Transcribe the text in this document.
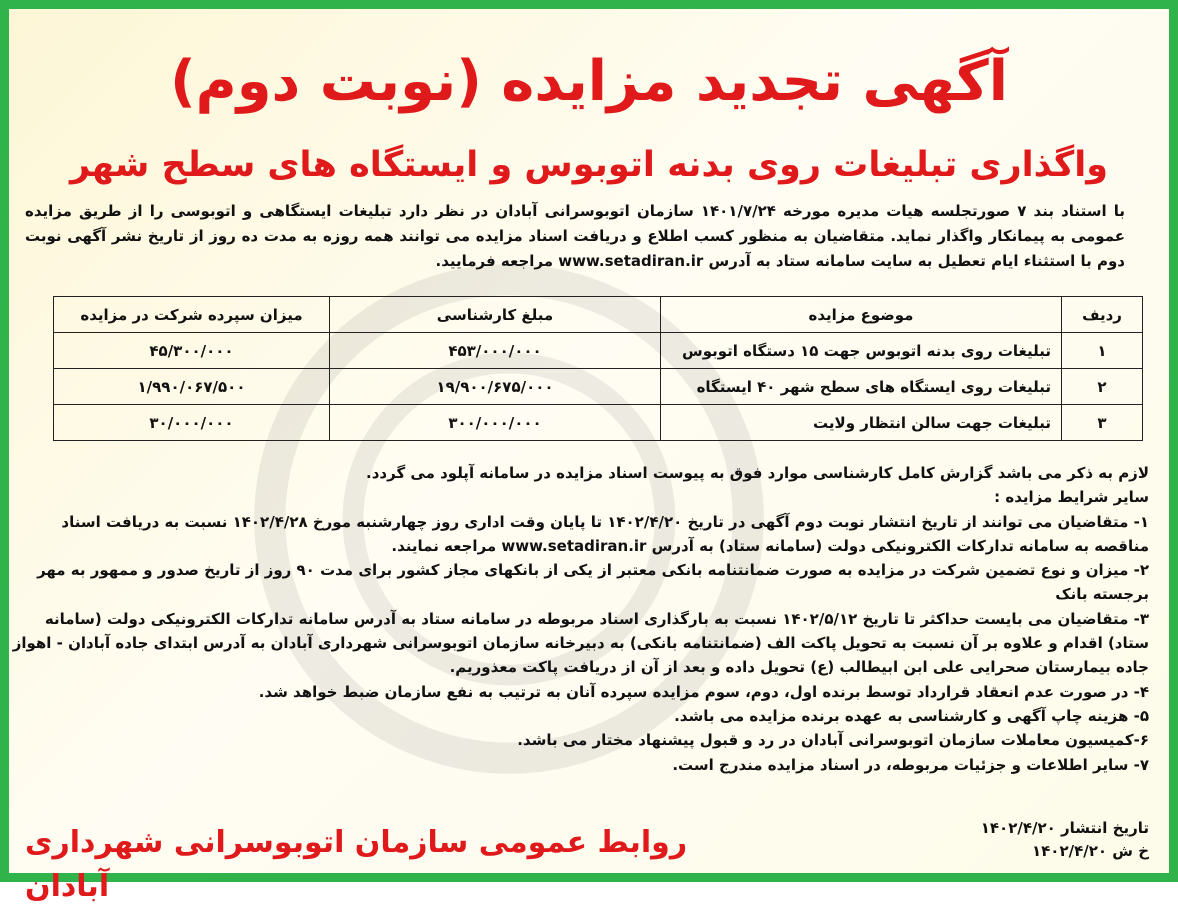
آگهی تجدید مزایده (نوبت دوم)
واگذاری تبلیغات روی بدنه اتوبوس و ایستگاه های سطح شهر
با استناد بند ۷ صورتجلسه هیات مدیره مورخه ۱۴۰۱/۷/۲۴ سازمان اتوبوسرانی آبادان در نظر دارد تبلیغات ایستگاهی و اتوبوسی را از طریق مزایده عمومی به پیمانکار واگذار نماید. متقاضیان به منظور کسب اطلاع و دریافت اسناد مزایده می توانند همه روزه به مدت ده روز از تاریخ نشر آگهی نوبت دوم با استثناء ایام تعطیل به سایت سامانه ستاد به آدرس www.setadiran.ir مراجعه فرمایید.
ردیف	موضوع مزایده	مبلغ کارشناسی	میزان سپرده شرکت در مزایده
۱	تبلیغات روی بدنه اتوبوس جهت ۱۵ دستگاه اتوبوس	۴۵۳/۰۰۰/۰۰۰	۴۵/۳۰۰/۰۰۰
۲	تبلیغات روی ایستگاه های سطح شهر ۴۰ ایستگاه	۱۹/۹۰۰/۶۷۵/۰۰۰	۱/۹۹۰/۰۶۷/۵۰۰
۳	تبلیغات جهت سالن انتظار ولایت	۳۰۰/۰۰۰/۰۰۰	۳۰/۰۰۰/۰۰۰

لازم به ذکر می باشد گزارش کامل کارشناسی موارد فوق به پیوست اسناد مزایده در سامانه آپلود می گردد.

سایر شرایط مزایده :

۱- متقاضیان می توانند از تاریخ انتشار نوبت دوم آگهی در تاریخ ۱۴۰۲/۴/۲۰ تا پایان وقت اداری روز چهارشنبه مورخ ۱۴۰۲/۴/۲۸ نسبت به دریافت اسناد مناقصه به سامانه تدارکات الکترونیکی دولت (سامانه ستاد) به آدرس www.setadiran.ir مراجعه نمایند.

۲- میزان و نوع تضمین شرکت در مزایده به صورت ضمانتنامه بانکی معتبر از یکی از بانکهای مجاز کشور برای مدت ۹۰ روز از تاریخ صدور و ممهور به مهر برجسته بانک

۳- متقاضیان می بایست حداکثر تا تاریخ ۱۴۰۲/۵/۱۲ نسبت به بارگذاری اسناد مربوطه در سامانه ستاد به آدرس سامانه تدارکات الکترونیکی دولت (سامانه ستاد) اقدام و علاوه بر آن نسبت به تحویل پاکت الف (ضمانتنامه بانکی) به دبیرخانه سازمان اتوبوسرانی شهرداری آبادان به آدرس ابتدای جاده آبادان - اهواز جاده بیمارستان صحرایی علی ابن ابیطالب (ع) تحویل داده و بعد از آن از دریافت پاکت معذوریم.

۴- در صورت عدم انعقاد قرارداد توسط برنده اول، دوم، سوم مزایده سپرده آنان به ترتیب به نفع سازمان ضبط خواهد شد.

۵- هزینه چاپ آگهی و کارشناسی به عهده برنده مزایده می باشد.

۶-کمیسیون معاملات سازمان اتوبوسرانی آبادان در رد و قبول پیشنهاد مختار می باشد.

۷- سایر اطلاعات و جزئیات مربوطه، در اسناد مزایده مندرج است.

تاریخ انتشار ۱۴۰۲/۴/۲۰
خ ش ۱۴۰۲/۴/۲۰
روابط عمومی سازمان اتوبوسرانی شهرداری آبادان
